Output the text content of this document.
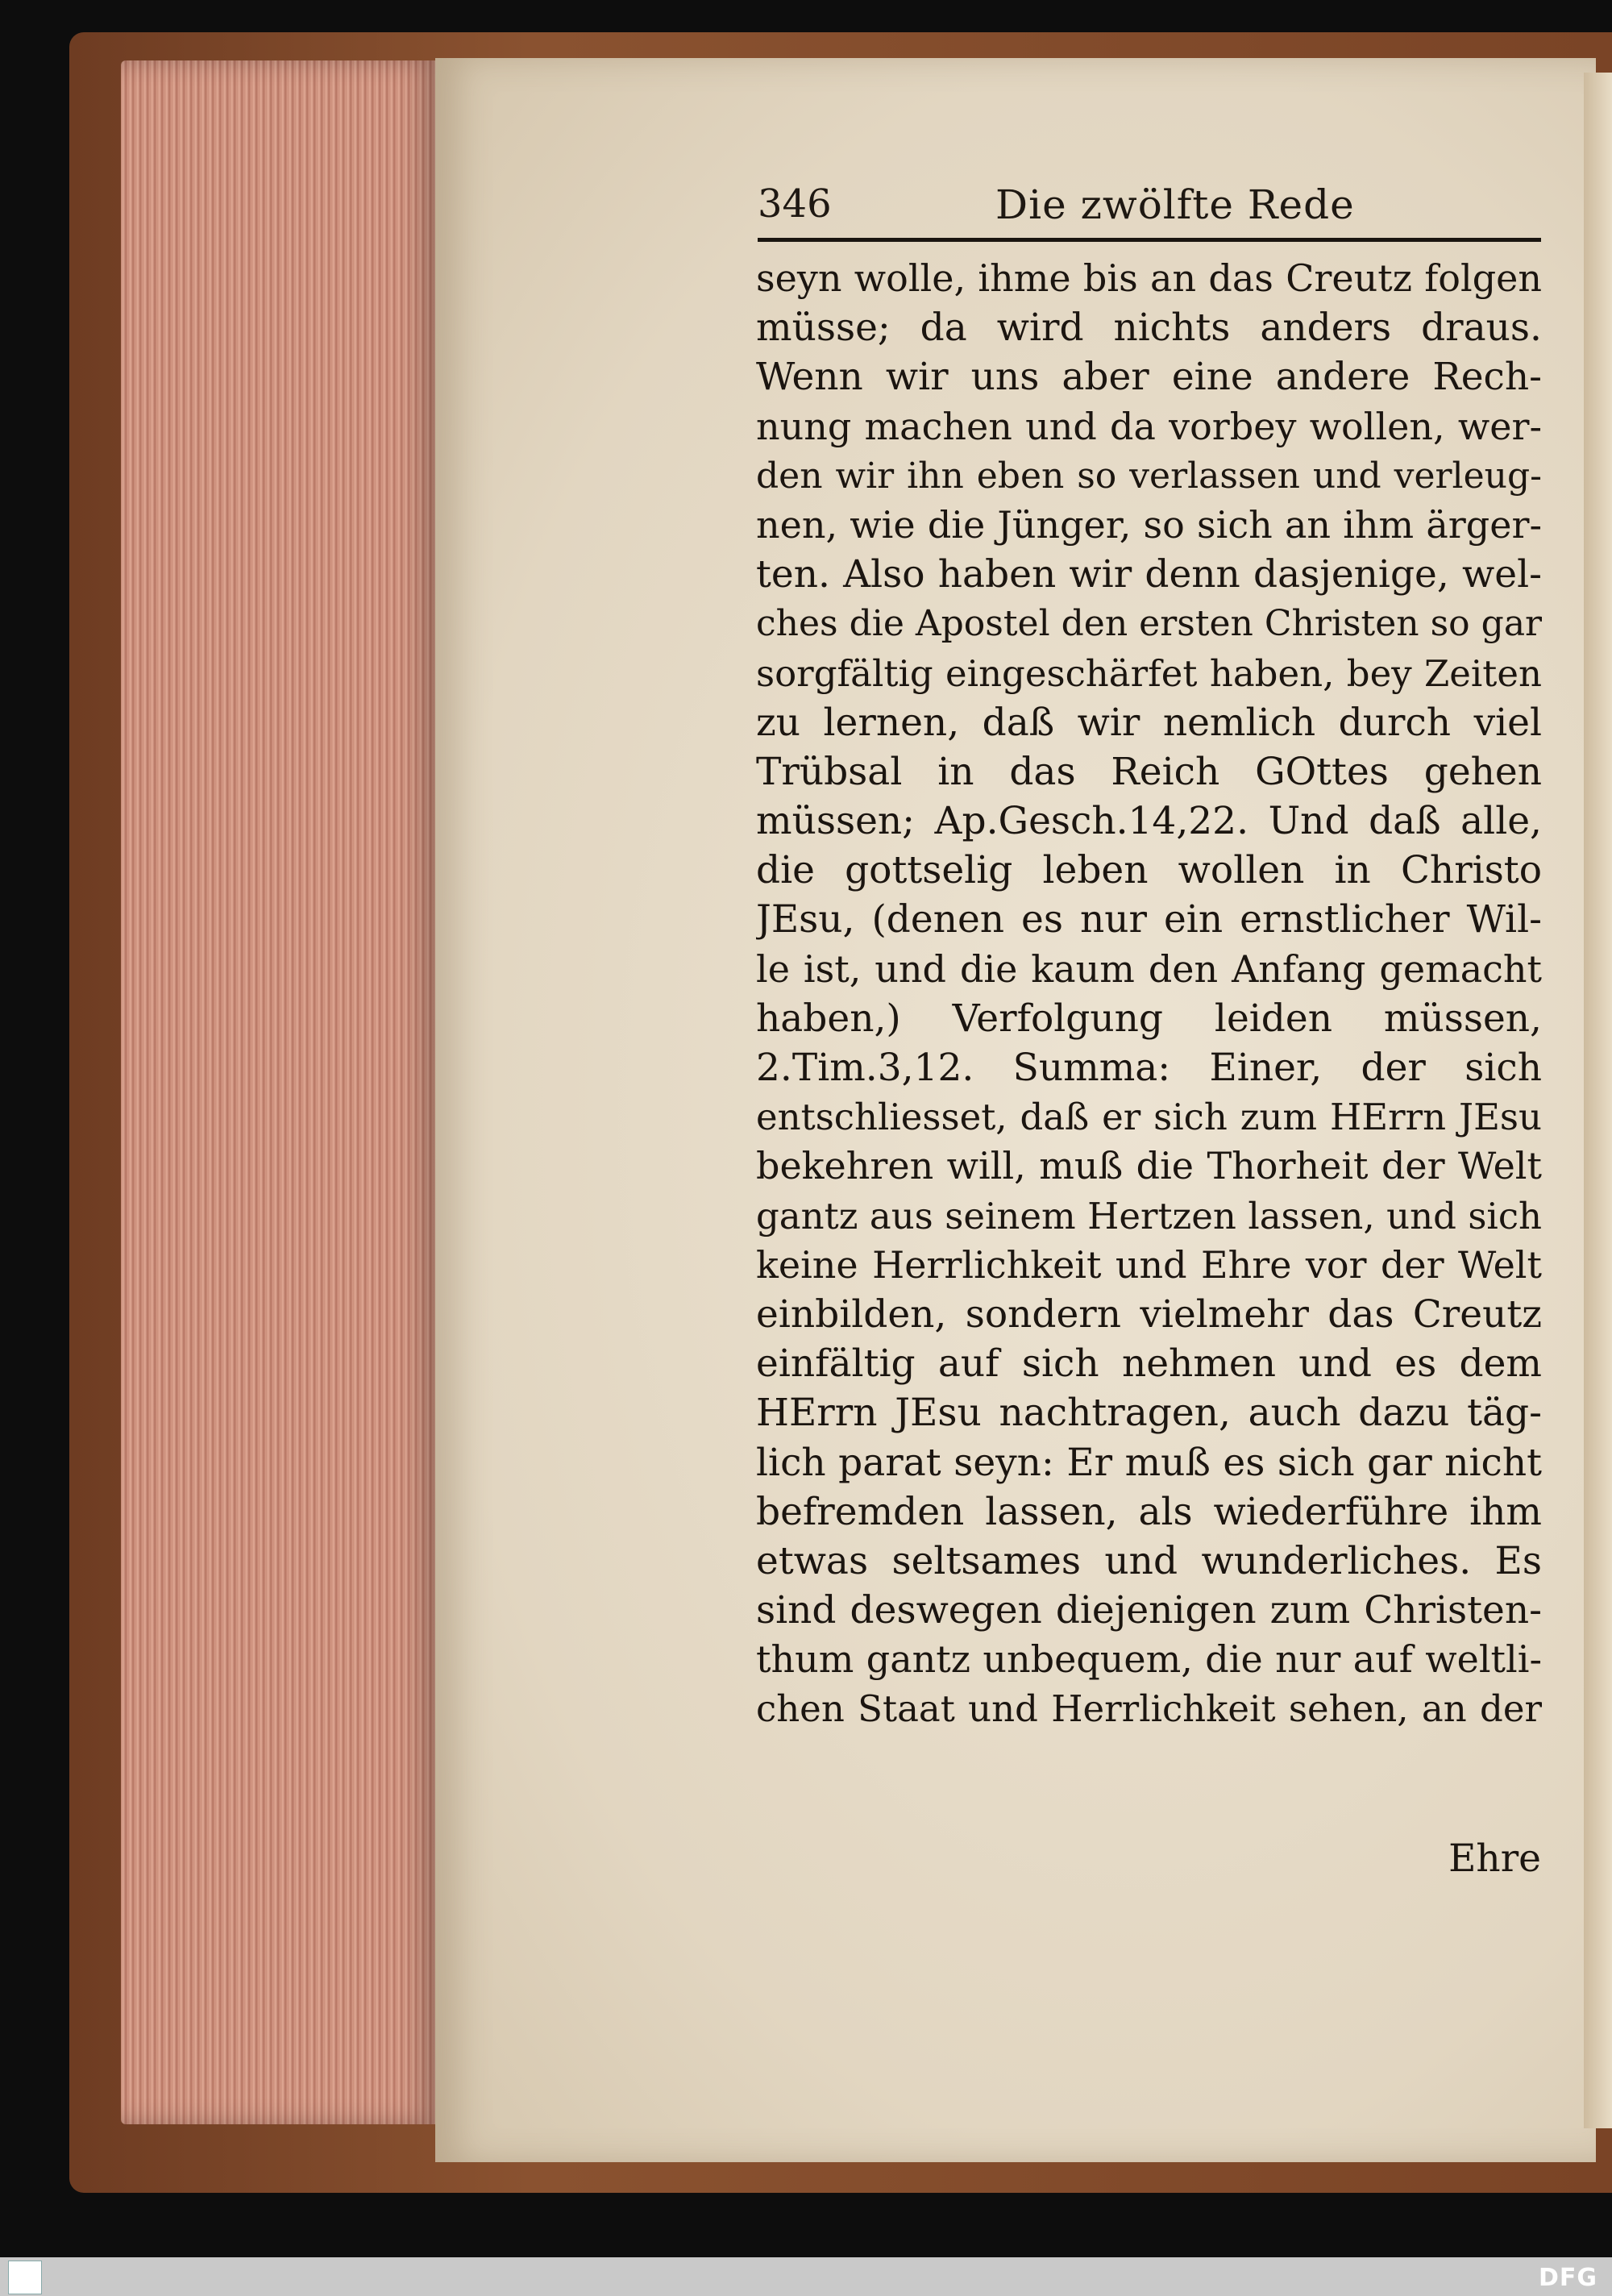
346	Die zwölfte Rede
seyn wolle, ihme bis an das Creutz folgen
müsse; da wird nichts anders draus.
Wenn wir uns aber eine andere Rech-
nung machen und da vorbey wollen, wer-
den wir ihn eben so verlassen und verleug-
nen, wie die Jünger, so sich an ihm ärger-
ten. Also haben wir denn dasjenige, wel-
ches die Apostel den ersten Christen so gar
sorgfältig eingeschärfet haben, bey Zeiten
zu lernen, daß wir nemlich durch viel
Trübsal in das Reich GOttes gehen
müssen; Ap.Gesch.14,22. Und daß alle,
die gottselig leben wollen in Christo
JEsu, (denen es nur ein ernstlicher Wil-
le ist, und die kaum den Anfang gemacht
haben,) Verfolgung leiden müssen,
2.Tim.3,12. Summa: Einer, der sich
entschliesset, daß er sich zum HErrn JEsu
bekehren will, muß die Thorheit der Welt
gantz aus seinem Hertzen lassen, und sich
keine Herrlichkeit und Ehre vor der Welt
einbilden, sondern vielmehr das Creutz
einfältig auf sich nehmen und es dem
HErrn JEsu nachtragen, auch dazu täg-
lich parat seyn: Er muß es sich gar nicht
befremden lassen, als wiederführe ihm
etwas seltsames und wunderliches. Es
sind deswegen diejenigen zum Christen-
thum gantz unbequem, die nur auf weltli-
chen Staat und Herrlichkeit sehen, an der
Ehre
DFG
